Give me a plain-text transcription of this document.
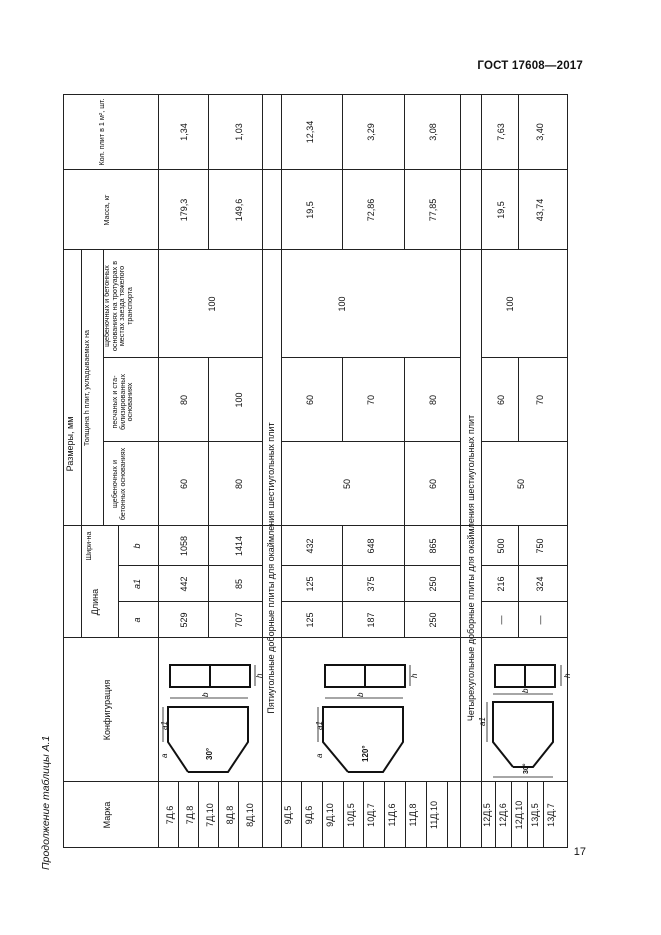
ГОСТ 17608—2017
17
Продолжение таблицы А.1	Марка
Конфигурация
Размеры, мм
Длина
Шири-на
a
a1
b
Толщина h плит, укладываемых на
щебеночных и бетонных основаниях
песчаных и ста-билизированных основаниях
щебеночных и бетонных основаниях на тротуарах в местах заезда тяжелого транспорта
Масса, кг
Кол. плит в 1 м², шт.
7Д.6 7Д.8 7Д.10 8Д.8 8Д.10
529
442
1058
60
80
179,3
1,34
707
85
1414
80
100
149,6
1,03
100
Пятиугольные доборные плиты для окаймления шестиугольных плит
9Д.5 9Д.6 9Д.10 10Д.5 10Д.7 11Д.6 11Д.8 11Д.10
125
125
432
60
19,5
12,34
187
375
648
70
72,86
3,29
250
250
865
60
80
77,85
3,08
50
100
Четырехугольные доборные плиты для окаймления шестиугольных плит
12Д.5 12Д.6 12Д.10 13Д.5 13Д.7
—
216
500
60
19,5
7,63
—
324
750
70
43,74
3,40
50
100
30°
b
h
a1
a	120°
b
h
a1
a
30°
b
h
a1
